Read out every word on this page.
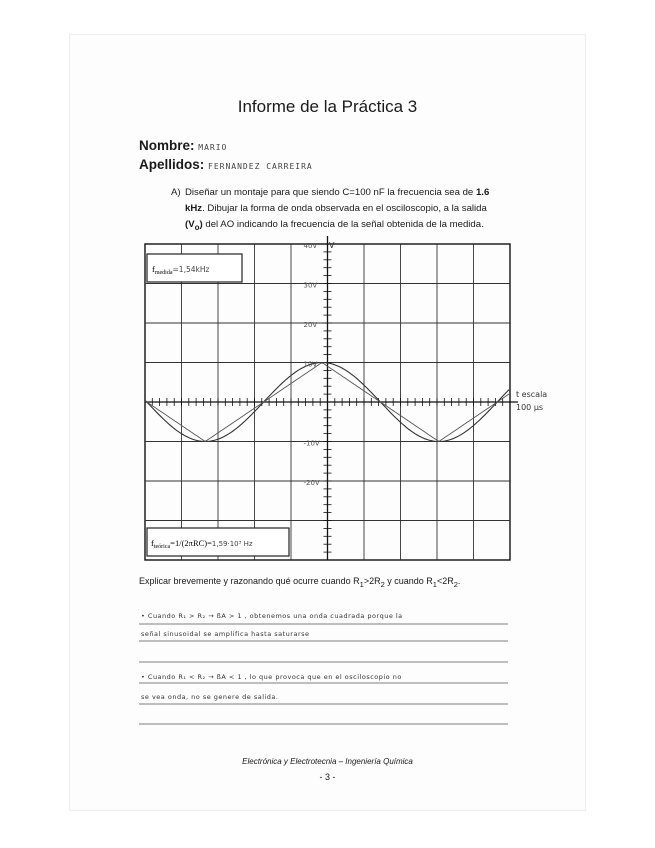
Informe de la Práctica 3
Nombre: MARIO
Apellidos: FERNANDEZ CARREIRA
A) Diseñar un montaje para que siendo C=100 nF la frecuencia sea de 1.6 kHz. Dibujar la forma de onda observada en el osciloscopio, a la salida $(V_o)$ del AO indicando la frecuencia de la señal obtenida de la medida.
V
40V
30V
20V
10V
-10V
-20V
$f_{medida}=1,54kHz$
$f_{teórica}=1/(2\pi RC)=1,59\cdot 10^3$ Hz
t escala
100 µs
Explicar brevemente y razonando qué ocurre cuando $R_1>2R_2$ y cuando $R_1<2R_2$.
• Cuando R₁ > R₂ → ßA > 1 , obtenemos una onda cuadrada porque la
señal sinusoidal se amplifica hasta saturarse
• Cuando R₁ < R₂ → ßA < 1 , lo que provoca que en el osciloscopio no
se vea onda, no se genere de salida.
Electrónica y Electrotecnia – Ingeniería Química
- 3 -
